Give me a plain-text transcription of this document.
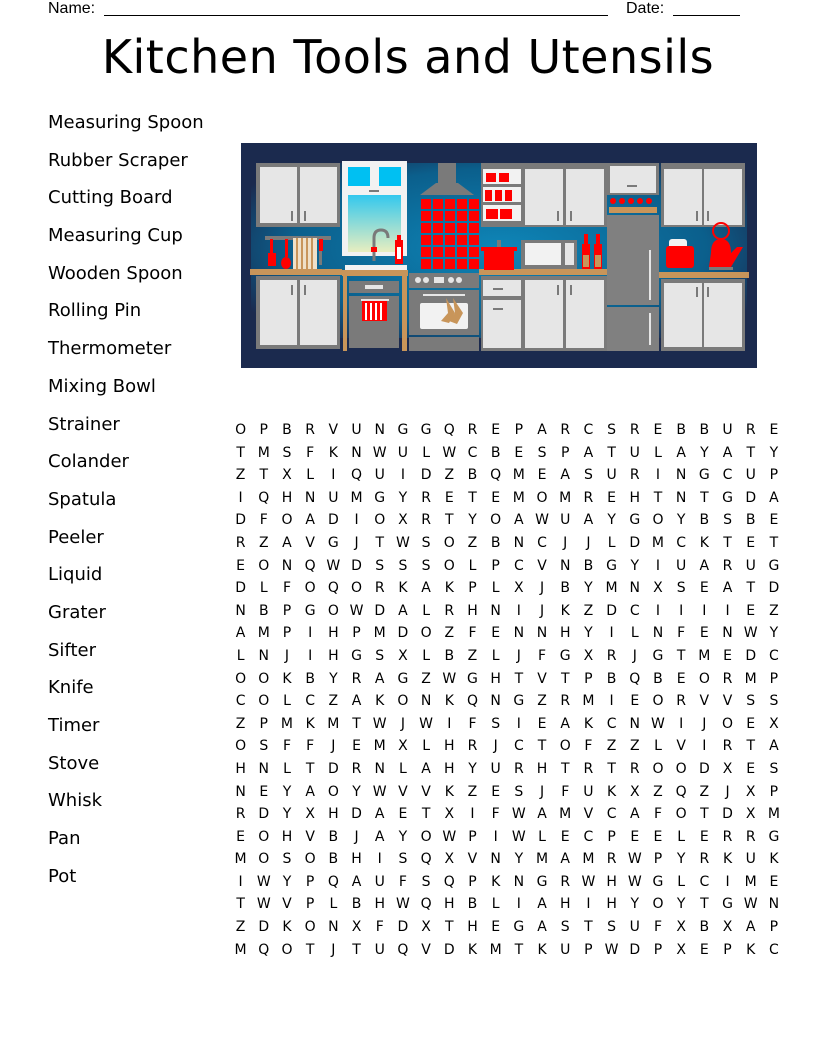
Name:	Date:
Kitchen Tools and Utensils
Measuring Spoon
Rubber Scraper
Cutting Board
Measuring Cup
Wooden Spoon
Rolling Pin
Thermometer
Mixing Bowl
Strainer
Colander
Spatula
Peeler
Liquid
Grater
Sifter
Knife
Timer
Stove
Whisk
Pan
Pot
O P	B R V U N G G Q R E	P	A R C S R E B B U R E
T M S	F	K N W U	L W C B E	S	P	A	T U	L	A	Y	A	T	Y
Z	T	X	L	I	Q U	I	D Z B Q M E A S U R	I	N G C U P
I	Q H N U M G Y	R E	T	E M O M R E H T N T G D A
D F O A D	I	O X R	T	Y O A W U A	Y G O Y	B S B E
R Z A V G	J	T W S O Z B N C	J	J	L D M C K	T	E	T
E O N Q W D S	S	S O L	P	C V N B G Y	I	U A R U G
D L	F O Q O R K A K	P	L	X	J	B	Y M N X S	E A	T D
N B	P G O W D A	L	R H N	I	J	K Z D C	I	I	I	I	E Z
A M P	I	H P M D O Z	F	E N N H Y	I	L	N F	E N W Y
L	N	J	I	H G S X	L	B Z	L	J	F G X R	J	G T M E D C
O O K B	Y	R A G Z W G H T	V	T	P	B Q B E O R M P
C O L	C Z A K O N K Q N G Z R M	I	E O R V V S	S
Z	P M K M T W	J	W	I	F	S	I	E A K C N W	I	J	O E X
O S	F	F	J	E M X	L	H R	J	C	T O F	Z Z	L	V	I	R	T	A
H N	L	T D R N	L	A H Y U R H T	R	T	R O O D X E	S
N E	Y	A O Y W V V K Z E	S	J	F	U K X Z Q Z	J	X	P
R D Y	X H D A E	T	X	I	F W A M V C A	F O T D X M
E O H V B	J	A	Y O W P	I	W L	E C	P	E	E	L	E R R G
M O S O B H	I	S Q X V N Y M A M R W P	Y	R K U K
I	W Y	P Q A U	F	S Q P	K N G R W H W G L	C	I	M E
T W V	P	L	B H W Q H B	L	I	A H	I	H Y O Y	T G W N
Z D K O N X	F D X	T H E G A S	T	S U	F	X B X A	P
M Q O T	J	T U Q V D K M T	K U P W D P	X E	P	K C
